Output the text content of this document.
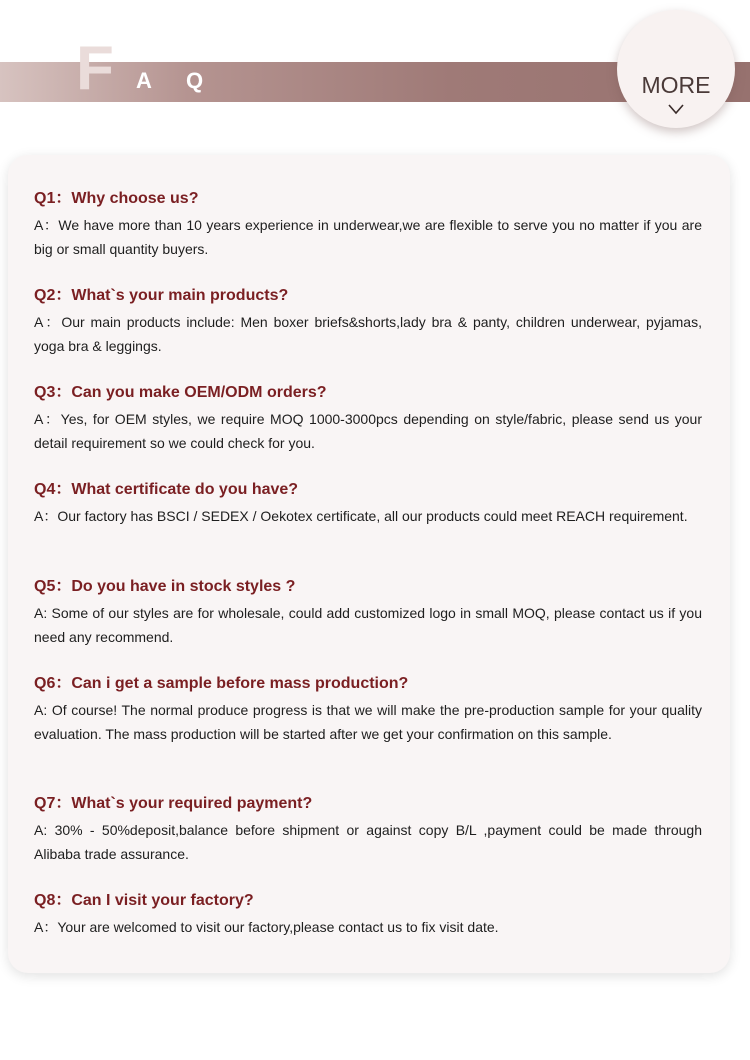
F A Q	MORE

Q1：Why choose us?

A：We have more than 10 years experience in underwear,we are flexible to serve you no matter if you are big or small quantity buyers.

Q2：What`s your main products?

A：Our main products include: Men boxer briefs&shorts,lady bra & panty, children underwear, pyjamas, yoga bra & leggings.

Q3：Can you make OEM/ODM orders?

A：Yes, for OEM styles, we require MOQ 1000-3000pcs depending on style/fabric, please send us your detail requirement so we could check for you.

Q4：What certificate do you have?

A：Our factory has BSCI / SEDEX / Oekotex certificate, all our products could meet REACH requirement.

Q5：Do you have in stock styles ?

A: Some of our styles are for wholesale, could add customized logo in small MOQ, please contact us if you need any recommend.

Q6：Can i get a sample before mass production?

A: Of course! The normal produce progress is that we will make the pre-production sample for your quality evaluation. The mass production will be started after we get your confirmation on this sample.

Q7：What`s your required payment?

A: 30% - 50%deposit,balance before shipment or against copy B/L ,payment could be made through Alibaba trade assurance.

Q8：Can I visit your factory?

A：Your are welcomed to visit our factory,please contact us to fix visit date.
